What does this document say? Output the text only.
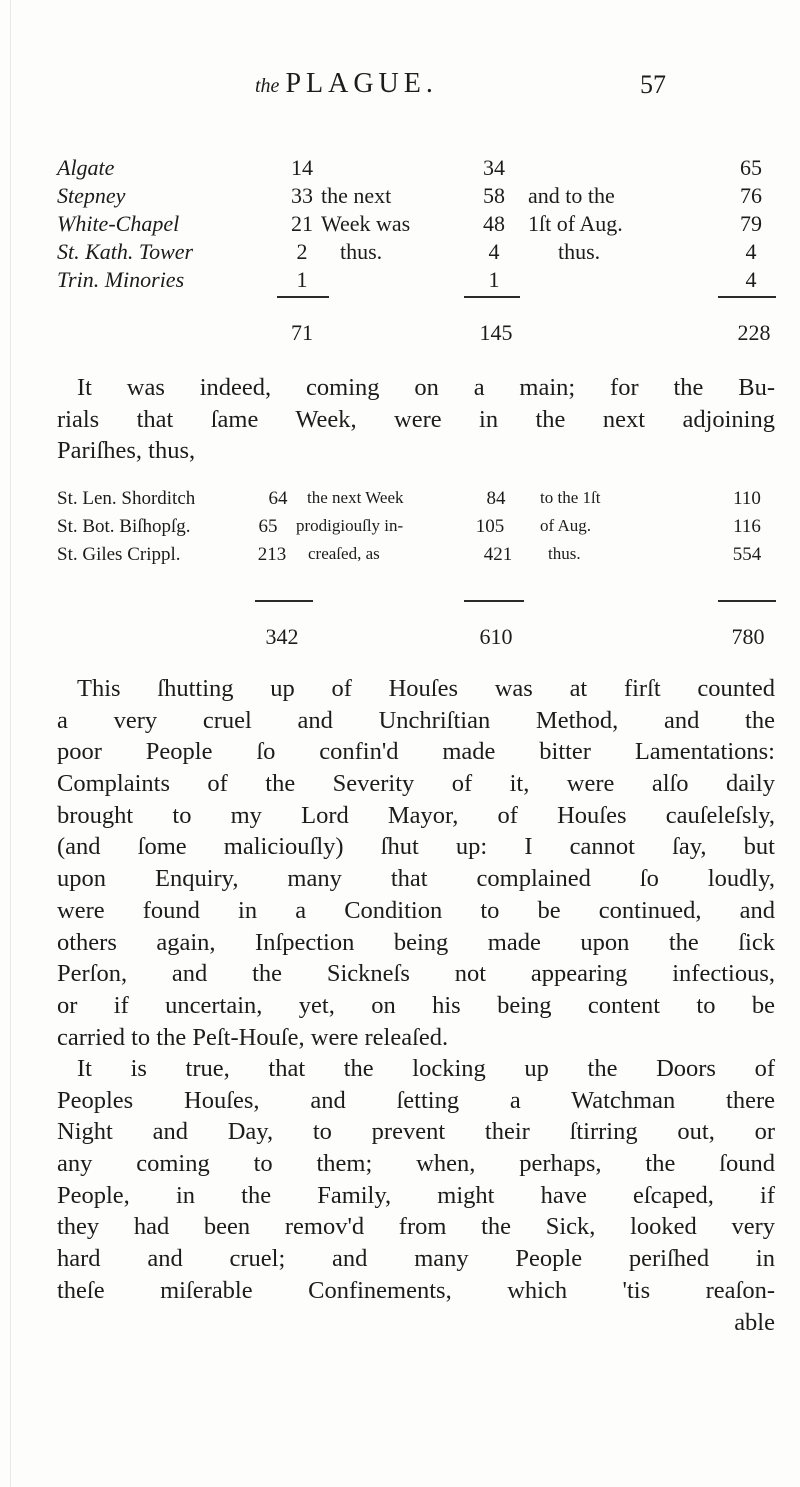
the PLAGUE.	57
Algate	14	34	65
Stepney	33 the next	58	and to the	76
White-Chapel	21 Week was	48	1ſt of Aug.	79
St. Kath. Tower	2	thus.	4	thus.	4
Trin. Minories	1	1	4
71	145	228
It was indeed, coming on a main; for the Bu-
rials that ſame Week, were in the next adjoining
Pariſhes, thus,
St. Len. Shorditch	64	the next Week	84	to the 1ſt	110
St. Bot. Biſhopſg.	65	prodigiouſly in-	105	of Aug.	116
St. Giles Crippl.	213	creaſed, as	421	thus.	554
342	610	780
This ſhutting up of Houſes was at firſt counted
a very cruel and Unchriſtian Method, and the
poor People ſo confin'd made bitter Lamentations:
Complaints of the Severity of it, were alſo daily
brought to my Lord Mayor, of Houſes cauſeleſsly,
(and ſome maliciouſly) ſhut up: I cannot ſay, but
upon Enquiry, many that complained ſo loudly,
were found in a Condition to be continued, and
others again, Inſpection being made upon the ſick
Perſon, and the Sickneſs not appearing infectious,
or if uncertain, yet, on his being content to be
carried to the Peſt-Houſe, were releaſed.
It is true, that the locking up the Doors of
Peoples Houſes, and ſetting a Watchman there
Night and Day, to prevent their ſtirring out, or
any coming to them; when, perhaps, the ſound
People, in the Family, might have eſcaped, if
they had been remov'd from the Sick, looked very
hard and cruel; and many People periſhed in
theſe miſerable Confinements, which 'tis reaſon-
able
